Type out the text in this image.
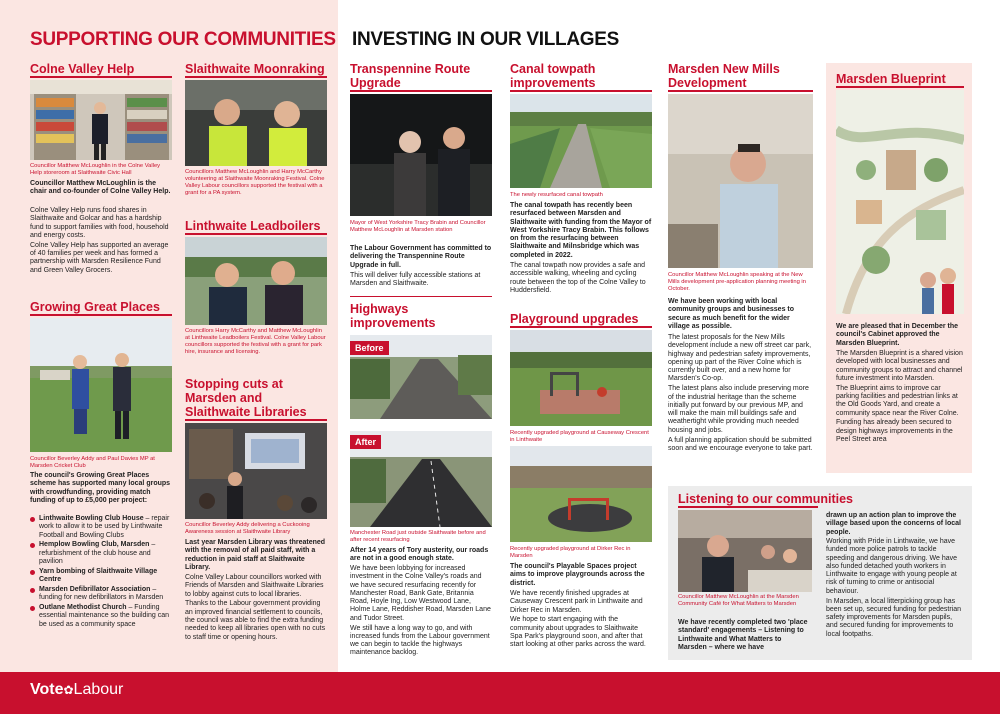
SUPPORTING OUR COMMUNITIES INVESTING IN OUR VILLAGES
Colne Valley Help
Councillor Matthew McLoughlin in the Colne Valley Help storeroom at Slaithwaite Civic Hall
Councillor Matthew McLoughlin is the chair and co-founder of Colne Valley Help.

Colne Valley Help runs food shares in Slaithwaite and Golcar and has a hardship fund to support families with food, household and energy costs.

Colne Valley Help has supported an average of 40 families per week and has formed a partnership with Marsden Resilience Fund and Green Valley Grocers.

Growing Great Places
Councillor Beverley Addy and Paul Davies MP at Marsden Cricket Club
The council's Growing Great Places scheme has supported many local groups with crowdfunding, providing match funding of up to £5,000 per project:
Linthwaite Bowling Club House – repair work to allow it to be used by Linthwaite Football and Bowling Clubs
Hemplow Bowling Club, Marsden – refurbishment of the club house and pavilion
Yarn bombing of Slaithwaite Village Centre
Marsden Defibrillator Association – funding for new defibrillators in Marsden
Outlane Methodist Church – Funding essential maintenance so the building can be used as a community space
Slaithwaite Moonraking
Councillors Matthew McLoughlin and Harry McCarthy volunteering at Slaithwaite Moonraking Festival. Colne Valley Labour councillors supported the festival with a grant for a PA system.
Linthwaite Leadboilers
Councillors Harry McCarthy and Matthew McLoughlin at Linthwaite Leadboilers Festival. Colne Valley Labour councillors supported the festival with a grant for park hire, insurance and licensing.
Stopping cuts at Marsden and Slaithwaite Libraries
Councillor Beverley Addy delivering a Cuckooing Awareness session at Slaithwaite Library
Last year Marsden Library was threatened with the removal of all paid staff, with a reduction in paid staff at Slaithwaite Library.

Colne Valley Labour councillors worked with Friends of Marsden and Slaithwaite Libraries to lobby against cuts to local libraries.

Thanks to the Labour government providing an improved financial settlement to councils, the council was able to find the extra funding needed to keep all libraries open with no cuts to staff time or opening hours.

Transpennine Route Upgrade
Mayor of West Yorkshire Tracy Brabin and Councillor Matthew McLoughlin at Marsden station
The Labour Government has committed to delivering the Transpennine Route Upgrade in full.

This will deliver fully accessible stations at Marsden and Slaithwaite.

Highways improvements
Before
After
Manchester Road just outside Slaithwaite before and after recent resurfacing
After 14 years of Tory austerity, our roads are not in a good enough state.

We have been lobbying for increased investment in the Colne Valley's roads and we have secured resurfacing recently for Manchester Road, Bank Gate, Britannia Road, Hoyle Ing, Low Westwood Lane, Holme Lane, Reddisher Road, Marsden Lane and Tudor Street.

We still have a long way to go, and with increased funds from the Labour government we can begin to tackle the highways maintenance backlog.

Canal towpath improvements
The newly resurfaced canal towpath
The canal towpath has recently been resurfaced between Marsden and Slaithwaite with funding from the Mayor of West Yorkshire Tracy Brabin. This follows on from the resurfacing between Slaithwaite and Milnsbridge which was completed in 2022.

The canal towpath now provides a safe and accessible walking, wheeling and cycling route between the top of the Colne Valley to Huddersfield.

Playground upgrades
Recently upgraded playground at Causeway Crescent in Linthwaite
Recently upgraded playground at Dirker Rec in Marsden
The council's Playable Spaces project aims to improve playgrounds across the district.

We have recently finished upgrades at Causeway Crescent park in Linthwaite and Dirker Rec in Marsden.

We hope to start engaging with the community about upgrades to Slaithwaite Spa Park's playground soon, and after that start looking at other parks across the ward.

Marsden New Mills Development
Councillor Matthew McLoughlin speaking at the New Mills development pre-application planning meeting in October.
We have been working with local community groups and businesses to secure as much benefit for the wider village as possible.

The latest proposals for the New Mills development include a new off street car park, highway and pedestrian safety improvements, opening up part of the River Colne which is currently built over, and a new home for Marsden's Co-op.

The latest plans also include preserving more of the industrial heritage than the scheme initially put forward by our previous MP, and will make the main mill buildings safe and weathertight while providing much needed housing and jobs.

A full planning application should be submitted soon and we encourage everyone to take part.

Marsden Blueprint
We are pleased that in December the council's Cabinet approved the Marsden Blueprint.

The Marsden Blueprint is a shared vision developed with local businesses and community groups to attract and channel future investment into Marsden.

The Blueprint aims to improve car parking facilities and pedestrian links at the Old Goods Yard, and create a community space near the River Colne.

Funding has already been secured to design highways improvements in the Peel Street area

Listening to our communities
Councillor Matthew McLoughlin at the Marsden Community Café for What Matters to Marsden
We have recently completed two 'place standard' engagements – Listening to Linthwaite and What Matters to Marsden – where we have
drawn up an action plan to improve the village based upon the concerns of local people.

Working with Pride in Linthwaite, we have funded more police patrols to tackle speeding and dangerous driving. We have also funded detached youth workers in Linthwaite to engage with young people at risk of turning to crime or antisocial behaviour.

In Marsden, a local litterpicking group has been set up, secured funding for pedestrian safety improvements for Marsden pupils, and secured funding for improvements to local footpaths.

Vote✿Labour
